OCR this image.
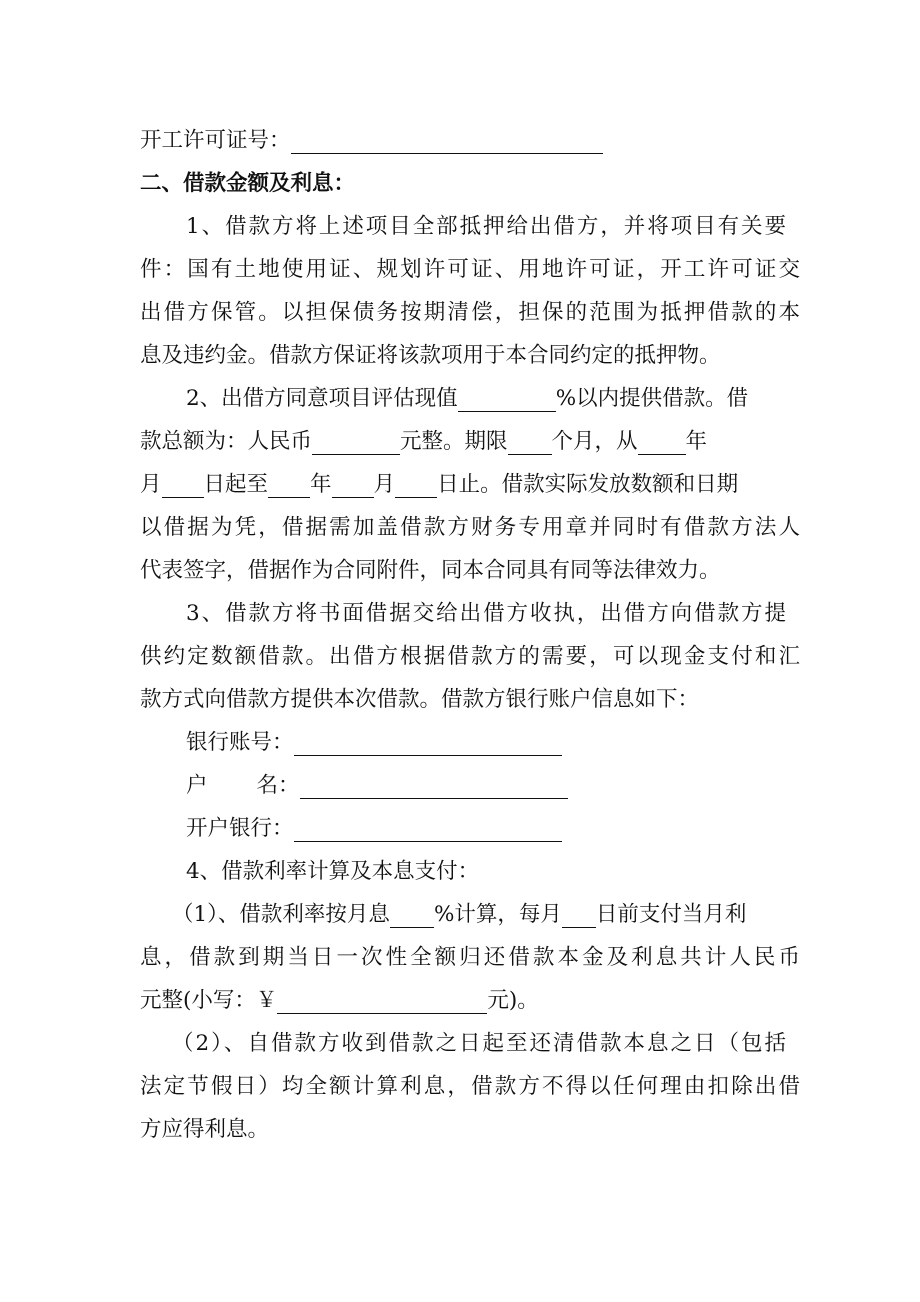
开工许可证号：
二、借款金额及利息：
1、借款方将上述项目全部抵押给出借方，并将项目有关要
件：国有土地使用证、规划许可证、用地许可证，开工许可证交
出借方保管。以担保债务按期清偿，担保的范围为抵押借款的本
息及违约金。借款方保证将该款项用于本合同约定的抵押物。
2、出借方同意项目评估现值	%以内提供借款。借
款总额为：人民币	元整。期限 个月，从 年
月 日起至 年 月 日止。借款实际发放数额和日期
以借据为凭，借据需加盖借款方财务专用章并同时有借款方法人
代表签字，借据作为合同附件，同本合同具有同等法律效力。
3、借款方将书面借据交给出借方收执，出借方向借款方提
供约定数额借款。出借方根据借款方的需要，可以现金支付和汇
款方式向借款方提供本次借款。借款方银行账户信息如下：
银行账号：
户 名：
开户银行：
4、借款利率计算及本息支付：
（1）、借款利率按月息 %计算，每月 日前支付当月利
息，借款到期当日一次性全额归还借款本金及利息共计人民币
元整(小写：￥	元)。
（2）、自借款方收到借款之日起至还清借款本息之日（包括
法定节假日）均全额计算利息，借款方不得以任何理由扣除出借
方应得利息。
